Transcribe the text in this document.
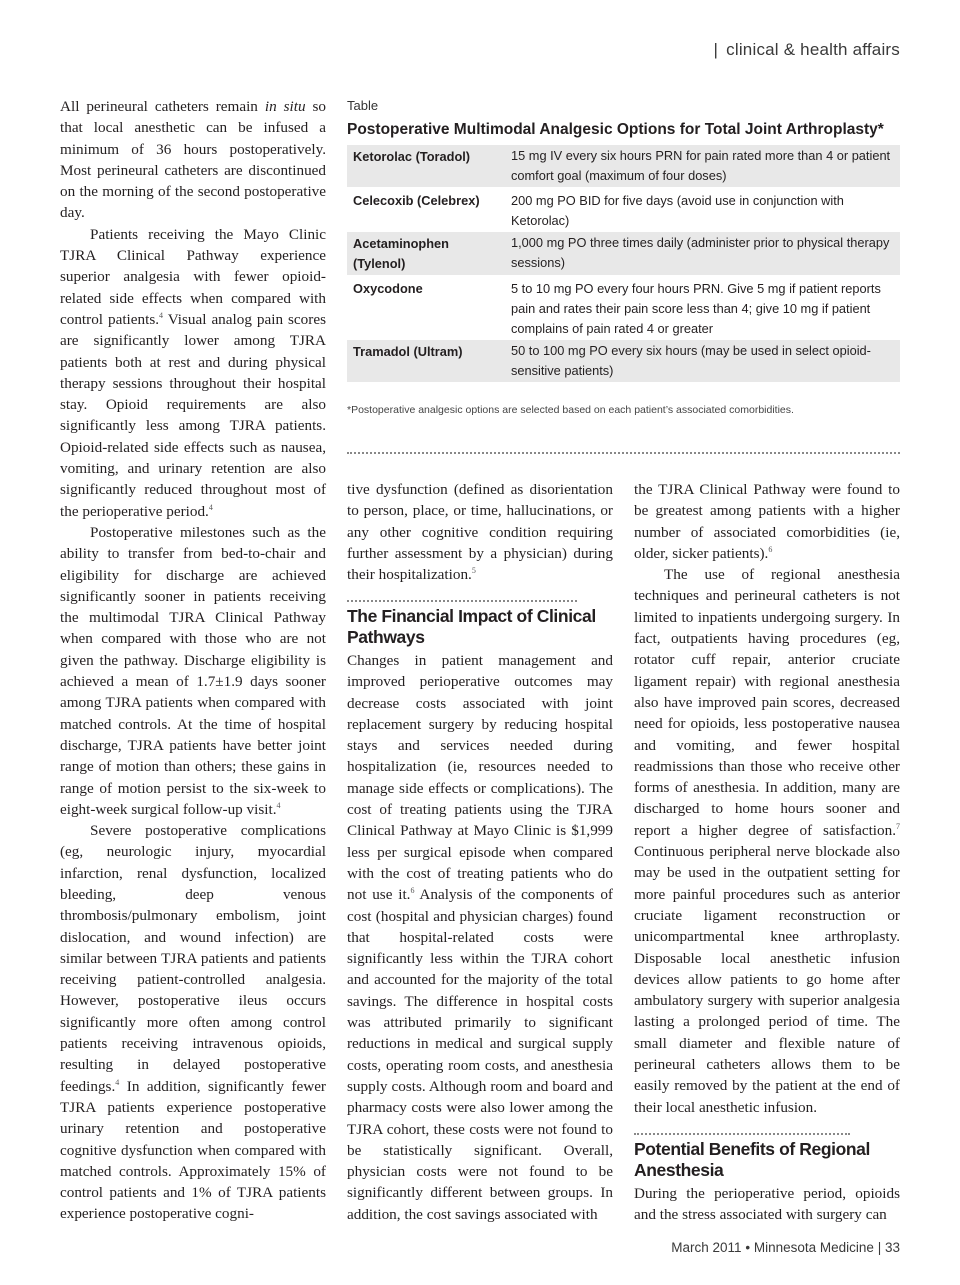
| clinical & health affairs

All perineural catheters remain in situ so that local anesthetic can be infused a minimum of 36 hours postoperatively. Most perineural catheters are discontinued on the morning of the second postoperative day.

Patients receiving the Mayo Clinic TJRA Clinical Pathway experience superior analgesia with fewer opioid-related side effects when compared with control patients.$^4$ Visual analog pain scores are significantly lower among TJRA patients both at rest and during physical therapy sessions throughout their hospital stay. Opioid requirements are also significantly less among TJRA patients. Opioid-related side effects such as nausea, vomiting, and urinary retention are also significantly reduced throughout most of the perioperative period.$^4$

Postoperative milestones such as the ability to transfer from bed-to-chair and eligibility for discharge are achieved significantly sooner in patients receiving the multimodal TJRA Clinical Pathway when compared with those who are not given the pathway. Discharge eligibility is achieved a mean of 1.7±1.9 days sooner among TJRA patients when compared with matched controls. At the time of hospital discharge, TJRA patients have better joint range of motion than others; these gains in range of motion persist to the six-week to eight-week surgical follow-up visit.$^4$

Severe postoperative complications (eg, neurologic injury, myocardial infarction, renal dysfunction, localized bleeding, deep venous thrombosis/pulmonary embolism, joint dislocation, and wound infection) are similar between TJRA patients and patients receiving patient-controlled analgesia. However, postoperative ileus occurs significantly more often among control patients receiving intravenous opioids, resulting in delayed postoperative feedings.$^4$ In addition, significantly fewer TJRA patients experience postoperative urinary retention and postoperative cognitive dysfunction when compared with matched controls. Approximately 15% of control patients and 1% of TJRA patients experience postoperative cogni-

Table
Postoperative Multimodal Analgesic Options for Total Joint Arthroplasty*
Ketorolac (Toradol)	15 mg IV every six hours PRN for pain rated more than 4 or patient comfort goal (maximum of four doses)
Celecoxib (Celebrex)	200 mg PO BID for five days (avoid use in conjunction with Ketorolac)
Acetaminophen (Tylenol)	1,000 mg PO three times daily (administer prior to physical therapy sessions)
Oxycodone	5 to 10 mg PO every four hours PRN. Give 5 mg if patient reports pain and rates their pain score less than 4; give 10 mg if patient complains of pain rated 4 or greater
Tramadol (Ultram)	50 to 100 mg PO every six hours (may be used in select opioid-sensitive patients)
*Postoperative analgesic options are selected based on each patient’s associated comorbidities.

tive dysfunction (defined as disorientation to person, place, or time, hallucinations, or any other cognitive condition requiring further assessment by a physician) during their hospitalization.$^5$

The Financial Impact of Clinical Pathways

Changes in patient management and improved perioperative outcomes may decrease costs associated with joint replacement surgery by reducing hospital stays and services needed during hospitalization (ie, resources needed to manage side effects or complications). The cost of treating patients using the TJRA Clinical Pathway at Mayo Clinic is $1,999 less per surgical episode when compared with the cost of treating patients who do not use it.$^6$ Analysis of the components of cost (hospital and physician charges) found that hospital-related costs were significantly less within the TJRA cohort and accounted for the majority of the total savings. The difference in hospital costs was attributed primarily to significant reductions in medical and surgical supply costs, operating room costs, and anesthesia supply costs. Although room and board and pharmacy costs were also lower among the TJRA cohort, these costs were not found to be statistically significant. Overall, physician costs were not found to be significantly different between groups. In addition, the cost savings associated with

the TJRA Clinical Pathway were found to be greatest among patients with a higher number of associated comorbidities (ie, older, sicker patients).$^6$

The use of regional anesthesia techniques and perineural catheters is not limited to inpatients undergoing surgery. In fact, outpatients having procedures (eg, rotator cuff repair, anterior cruciate ligament repair) with regional anesthesia also have improved pain scores, decreased need for opioids, less postoperative nausea and vomiting, and fewer hospital readmissions than those who receive other forms of anesthesia. In addition, many are discharged to home hours sooner and report a higher degree of satisfaction.$^7$ Continuous peripheral nerve blockade also may be used in the outpatient setting for more painful procedures such as anterior cruciate ligament reconstruction or unicompartmental knee arthroplasty. Disposable local anesthetic infusion devices allow patients to go home after ambulatory surgery with superior analgesia lasting a prolonged period of time. The small diameter and flexible nature of perineural catheters allows them to be easily removed by the patient at the end of their local anesthetic infusion.

Potential Benefits of Regional Anesthesia

During the perioperative period, opioids and the stress associated with surgery can

March 2011 • Minnesota Medicine | 33
